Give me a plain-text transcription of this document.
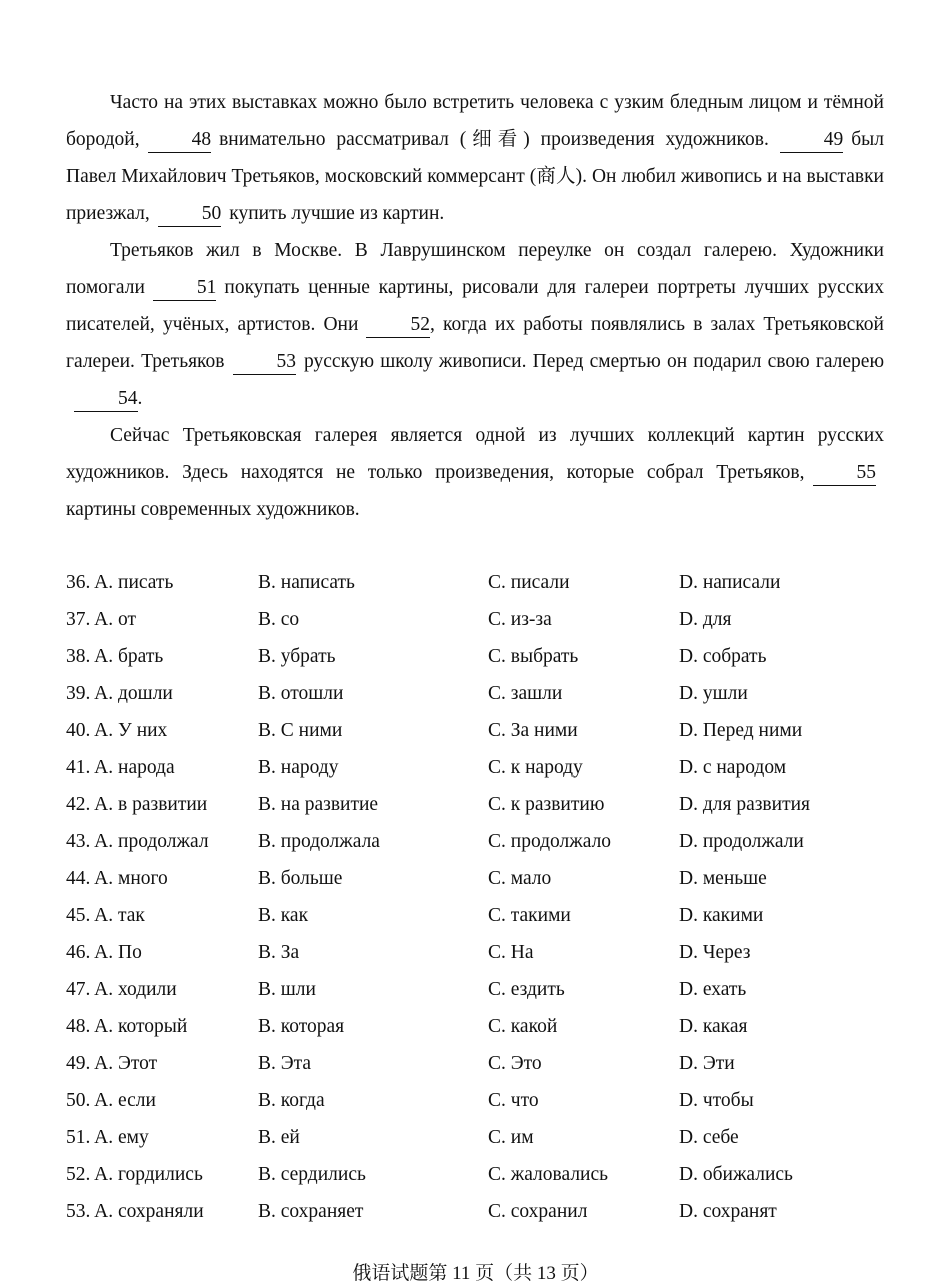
Часто на этих выставках можно было встретить человека с узким бледным лицом и тёмной бородой,	48 внимательно рассматривал (细看) произведения художников.	49 был Павел Михайлович Третьяков, московский коммерсант (商人). Он любил живопись и на выставки приезжал,	50 купить лучшие из картин.

Третьяков жил в Москве. В Лаврушинском переулке он создал галерею. Художники помогали	51 покупать ценные картины, рисовали для галереи портреты лучших русских писателей, учёных, артистов. Они	52, когда их работы появлялись в залах Третьяковской галереи. Третьяков	53 русскую школу живописи. Перед смертью он подарил свою галерею54.

Сейчас Третьяковская галерея является одной из лучших коллекций картин русских художников. Здесь находятся не только произведения, которые собрал Третьяков,	55картины современных художников.

36. A. писать	B. написать	C. писали	D. написали
37. A. от	B. со	C. из-за	D. для
38. A. брать	B. убрать	C. выбрать	D. собрать
39. A. дошли	B. отошли	C. зашли	D. ушли
40. A. У них	B. С ними	C. За ними	D. Перед ними
41. A. народа	B. народу	C. к народу	D. с народом
42. A. в развитии	B. на развитие	C. к развитию	D. для развития
43. A. продолжал	B. продолжала	C. продолжало	D. продолжали
44. A. много	B. больше	C. мало	D. меньше
45. A. так	B. как	C. такими	D. какими
46. A. По	B. За	C. На	D. Через
47. A. ходили	B. шли	C. ездить	D. ехать
48. A. который	B. которая	C. какой	D. какая
49. A. Этот	B. Эта	C. Это	D. Эти
50. A. если	B. когда	C. что	D. чтобы
51. A. ему	B. ей	C. им	D. себе
52. A. гордились	B. сердились	C. жаловались	D. обижались
53. A. сохраняли	B. сохраняет	C. сохранил	D. сохранят
俄语试题第 11 页（共 13 页）
